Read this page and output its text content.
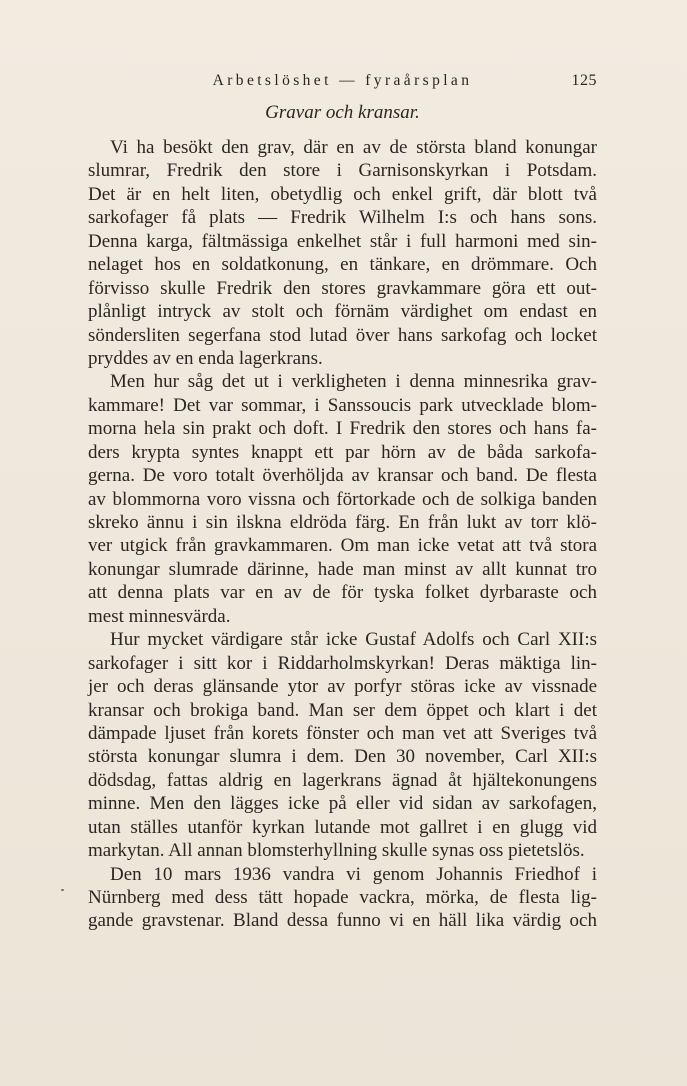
Arbetslöshet — fyraårsplan	125
Gravar och kransar.
Vi ha besökt den grav, där en av de största bland konungar
slumrar, Fredrik den store i Garnisonskyrkan i Potsdam.
Det är en helt liten, obetydlig och enkel grift, där blott två
sarkofager få plats — Fredrik Wilhelm I:s och hans sons.
Denna karga, fältmässiga enkelhet står i full harmoni med sin-
nelaget hos en soldatkonung, en tänkare, en drömmare. Och
förvisso skulle Fredrik den stores gravkammare göra ett out-
plånligt intryck av stolt och förnäm värdighet om endast en
söndersliten segerfana stod lutad över hans sarkofag och locket
pryddes av en enda lagerkrans.
Men hur såg det ut i verkligheten i denna minnesrika grav-
kammare! Det var sommar, i Sanssoucis park utvecklade blom-
morna hela sin prakt och doft. I Fredrik den stores och hans fa-
ders krypta syntes knappt ett par hörn av de båda sarkofa-
gerna. De voro totalt överhöljda av kransar och band. De flesta
av blommorna voro vissna och förtorkade och de solkiga banden
skreko ännu i sin ilskna eldröda färg. En från lukt av torr klö-
ver utgick från gravkammaren. Om man icke vetat att två stora
konungar slumrade därinne, hade man minst av allt kunnat tro
att denna plats var en av de för tyska folket dyrbaraste och
mest minnesvärda.
Hur mycket värdigare står icke Gustaf Adolfs och Carl XII:s
sarkofager i sitt kor i Riddarholmskyrkan! Deras mäktiga lin-
jer och deras glänsande ytor av porfyr störas icke av vissnade
kransar och brokiga band. Man ser dem öppet och klart i det
dämpade ljuset från korets fönster och man vet att Sveriges två
största konungar slumra i dem. Den 30 november, Carl XII:s
dödsdag, fattas aldrig en lagerkrans ägnad åt hjältekonungens
minne. Men den lägges icke på eller vid sidan av sarkofagen,
utan ställes utanför kyrkan lutande mot gallret i en glugg vid
markytan. All annan blomsterhyllning skulle synas oss pietetslös.
Den 10 mars 1936 vandra vi genom Johannis Friedhof i
Nürnberg med dess tätt hopade vackra, mörka, de flesta lig-
gande gravstenar. Bland dessa funno vi en häll lika värdig och
